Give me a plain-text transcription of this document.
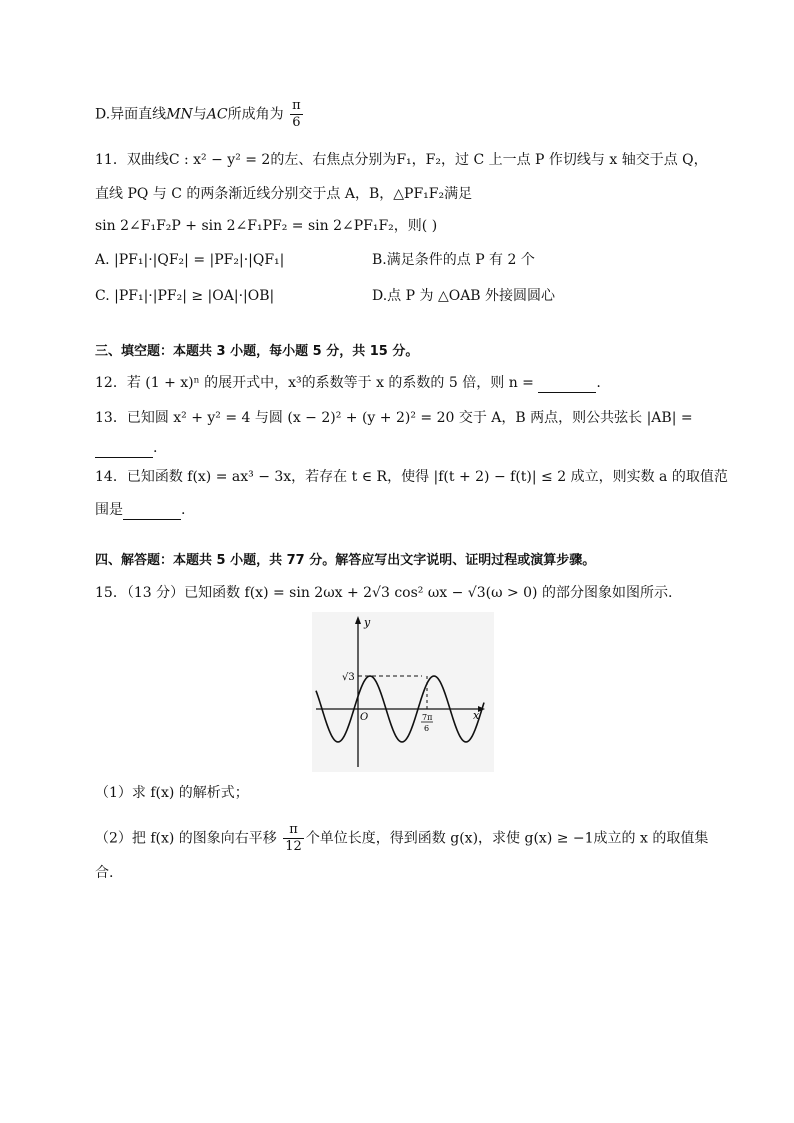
D.异面直线MN与AC所成角为 $\frac{\pi}{6}$
11．双曲线C : x² − y² = 2的左、右焦点分别为F₁，F₂，过 C 上一点 P 作切线与 x 轴交于点 Q，
直线 PQ 与 C 的两条渐近线分别交于点 A，B，△PF₁F₂满足
sin 2∠F₁F₂P + sin 2∠F₁PF₂ = sin 2∠PF₁F₂，则( )
A. |PF₁|·|QF₂| = |PF₂|·|QF₁|	B.满足条件的点 P 有 2 个
C. |PF₁|·|PF₂| ≥ |OA|·|OB|	D.点 P 为 △OAB 外接圆圆心
三、填空题：本题共 3 小题，每小题 5 分，共 15 分。
12．若 (1 + x)ⁿ 的展开式中，x³的系数等于 x 的系数的 5 倍，则 n =	.
13．已知圆 x² + y² = 4 与圆 (x − 2)² + (y + 2)² = 20 交于 A，B 两点，则公共弦长 |AB| =
.
14．已知函数 f(x) = ax³ − 3x，若存在 t ∈ R，使得 |f(t + 2) − f(t)| ≤ 2 成立，则实数 a 的取值范
围是	.
四、解答题：本题共 5 小题，共 77 分。解答应写出文字说明、证明过程或演算步骤。
15．（13 分）已知函数 f(x) = sin 2ωx + 2√3 cos² ωx − √3(ω > 0) 的部分图象如图所示.
y
x
O
√3
7π
6
（1）求 f(x) 的解析式；
（2）把 f(x) 的图象向右平移 $\frac{\pi}{12}$ 个单位长度，得到函数 g(x)，求使 g(x) ≥ −1成立的 x 的取值集
合.
